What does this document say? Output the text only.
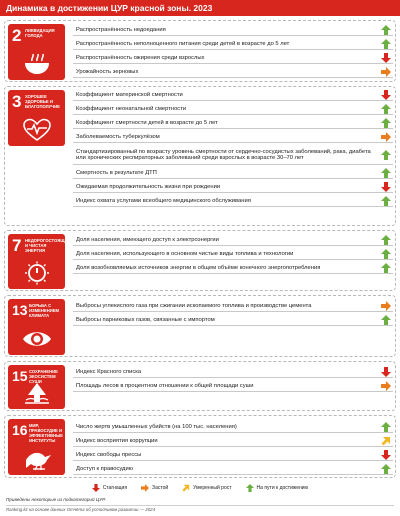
Динамика в достижении ЦУР красной зоны. 2023
2 ЛИКВИДАЦИЯ ГОЛОДА
Распространённость недоедания
Распространённость неполноценного питания среди детей в возрасте до 5 лет
Распространённость ожирения среди взрослых
Урожайность зерновых
3 ХОРОШЕЕ ЗДОРОВЬЕ И БЛАГОПОЛУЧИЕ
Коэффициент материнской смертности
Коэффициент неонатальной смертности
Коэффициент смертности детей в возрасте до 5 лет
Заболеваемость туберкулёзом
Стандартизированный по возрасту уровень смертности от сердечно-сосудистых заболеваний, рака, диабета или хронических респираторных заболеваний среди взрослых в возрасте 30–70 лет
Смертность в результате ДТП
Ожидаемая продолжительность жизни при рождении
Индекс охвата услугами всеобщего медицинского обслуживания
7 НЕДОРОГОСТОЯЩАЯ И ЧИСТАЯ ЭНЕРГИЯ
Доля населения, имеющего доступ к электроэнергии
Доля населения, использующего в основном чистые виды топлива и технологии
Доля возобновляемых источников энергии в общем объёме конечного энергопотребления
13 БОРЬБА С ИЗМЕНЕНИЕМ КЛИМАТА
Выбросы углекислого газа при сжигании ископаемого топлива и производстве цемента
Выбросы парниковых газов, связанные с импортом
15 СОХРАНЕНИЕ ЭКОСИСТЕМ СУШИ
Индекс Красного списка
Площадь лесов в процентном отношении к общей площади суши
16 МИР, ПРАВОСУДИЕ И ЭФФЕКТИВНЫЕ ИНСТИТУТЫ
Число жертв умышленных убийств (на 100 тыс. населения)
Индекс восприятия коррупции
Индекс свободы прессы
Доступ к правосудию
Стагнация	Застой	Умеренный рост	На пути к достижению
Приведены некоторые из подкатегорий ЦУР.
Ranking.kz на основе данных Отчёта об устойчивом развитии — 2024
